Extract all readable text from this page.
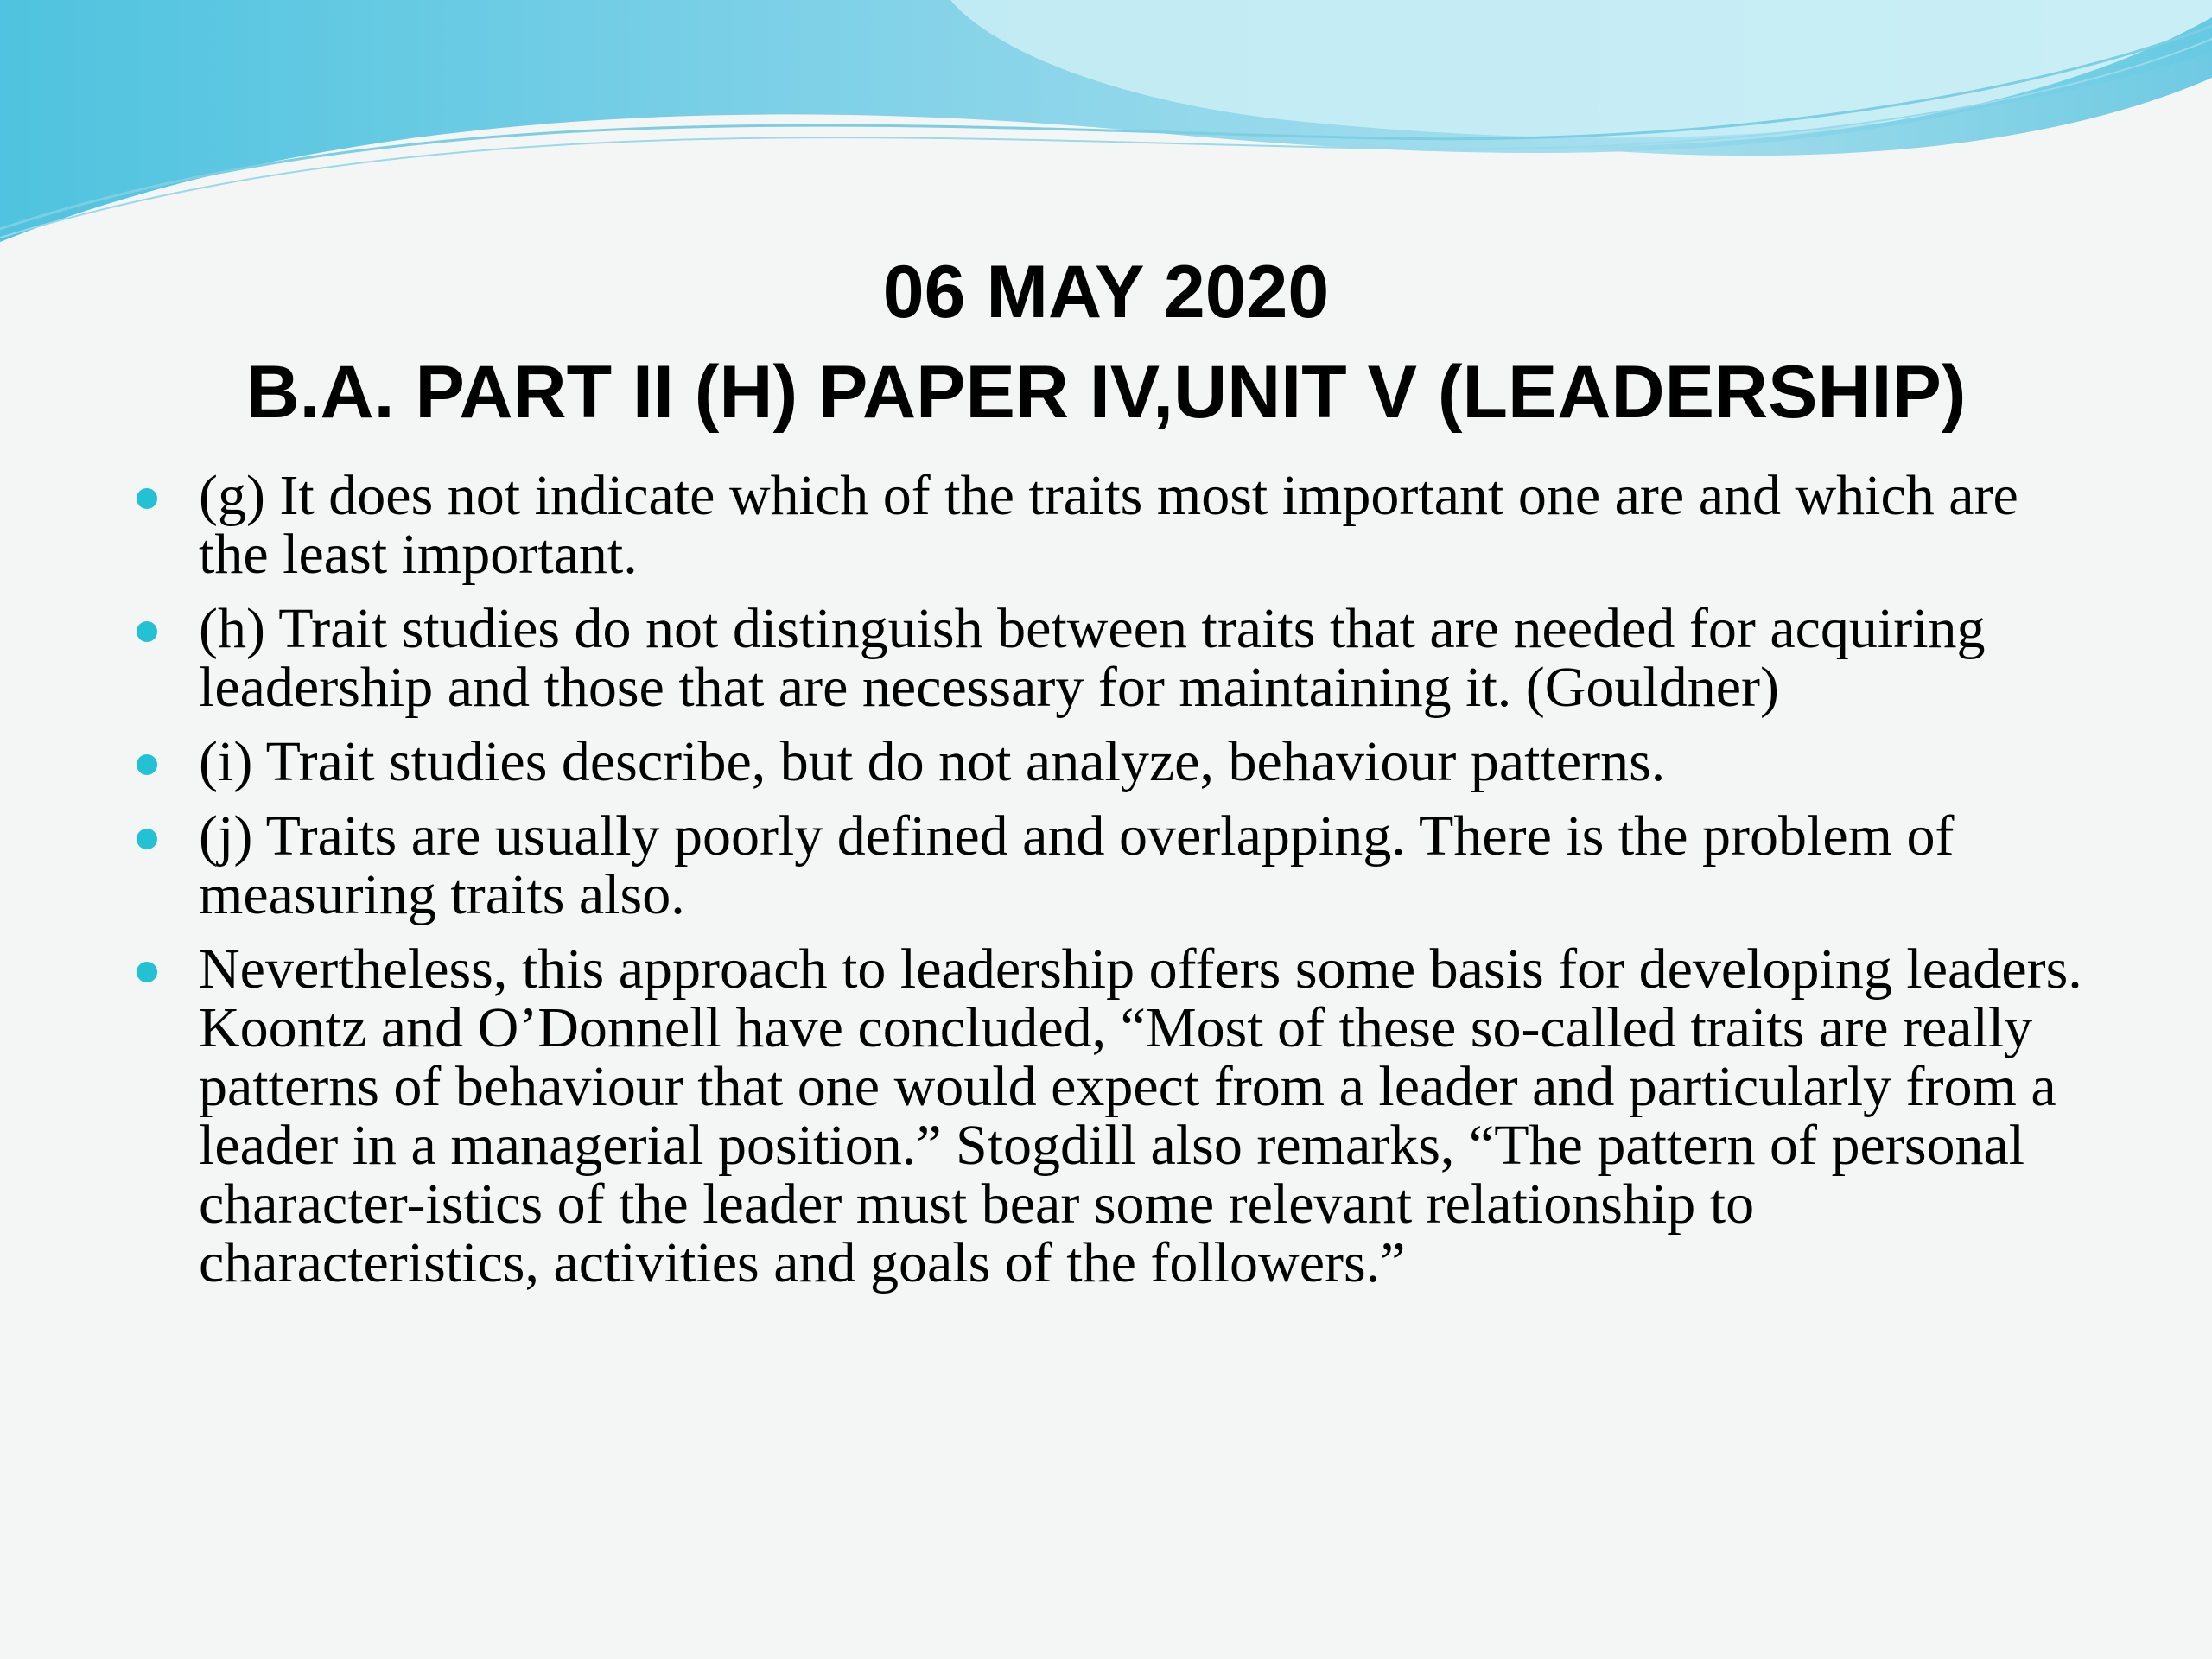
06 MAY 2020
B.A. PART II (H) PAPER IV,UNIT V (LEADERSHIP)
(g) It does not indicate which of the traits most important one are and which are the least important.
(h) Trait studies do not distinguish between traits that are needed for acquiring leadership and those that are necessary for maintaining it. (Gouldner)
(i) Trait studies describe, but do not analyze, behaviour patterns.
(j) Traits are usually poorly defined and overlapping. There is the problem of measuring traits also.
Nevertheless, this approach to leadership offers some basis for developing leaders. Koontz and O’Donnell have concluded, “Most of these so-called traits are really patterns of behaviour that one would expect from a leader and particularly from a leader in a managerial position.” Stogdill also remarks, “The pattern of personal character-istics of the leader must bear some relevant relationship to characteristics, activities and goals of the followers.”
